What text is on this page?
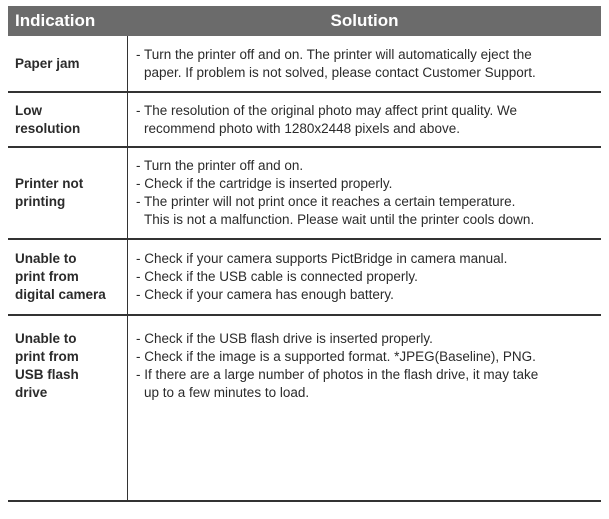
Indication	Solution
Paper jam
- Turn the printer off and on. The printer will automatically eject the
paper. If problem is not solved, please contact Customer Support.
Low
resolution
- The resolution of the original photo may affect print quality. We
recommend photo with 1280x2448 pixels and above.
Printer not
printing
- Turn the printer off and on.
- Check if the cartridge is inserted properly.
- The printer will not print once it reaches a certain temperature.
This is not a malfunction. Please wait until the printer cools down.
Unable to
print from
digital camera
- Check if your camera supports PictBridge in camera manual.
- Check if the USB cable is connected properly.
- Check if your camera has enough battery.
Unable to
print from
USB flash
drive
- Check if the USB flash drive is inserted properly.
- Check if the image is a supported format. *JPEG(Baseline), PNG.
- If there are a large number of photos in the flash drive, it may take
up to a few minutes to load.
